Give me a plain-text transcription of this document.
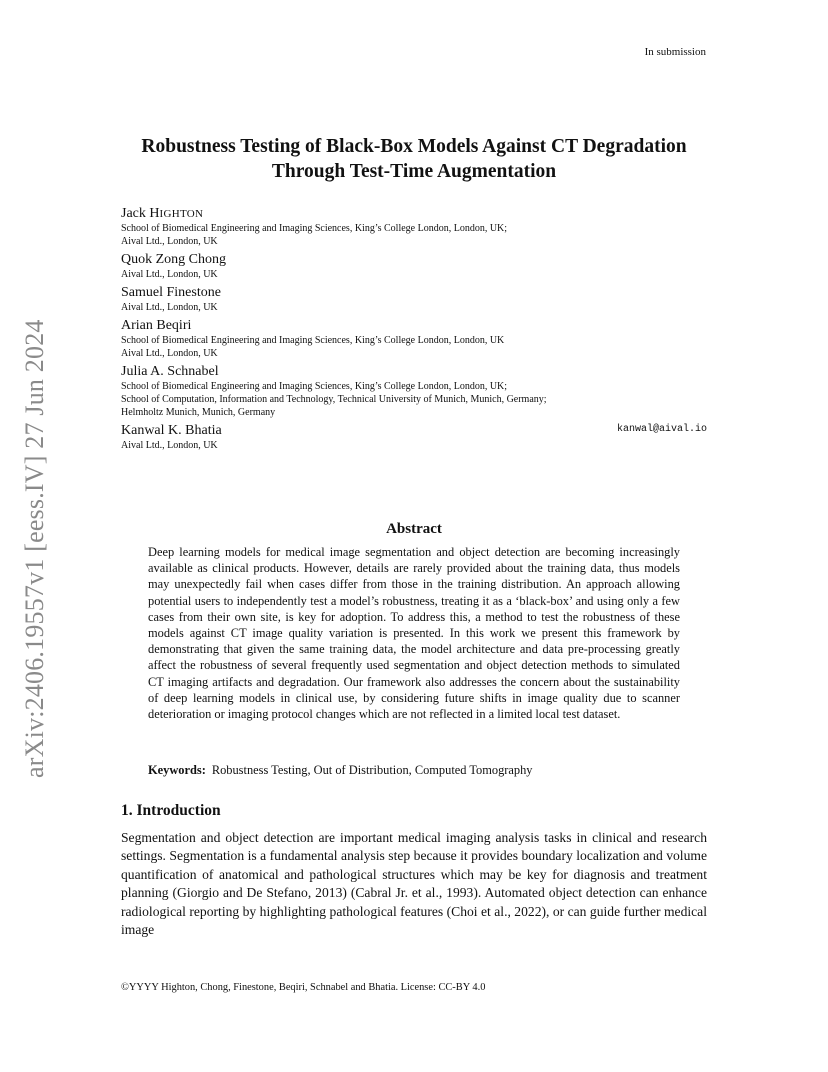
arXiv:2406.19557v1 [eess.IV] 27 Jun 2024
In submission
Robustness Testing of Black-Box Models Against CT Degradation Through Test-Time Augmentation
Jack HIGHTON
School of Biomedical Engineering and Imaging Sciences, King’s College London, London, UK;
Aival Ltd., London, UK
Quok Zong Chong
Aival Ltd., London, UK
Samuel Finestone
Aival Ltd., London, UK
Arian Beqiri
School of Biomedical Engineering and Imaging Sciences, King’s College London, London, UK
Aival Ltd., London, UK
Julia A. Schnabel
School of Biomedical Engineering and Imaging Sciences, King’s College London, London, UK;
School of Computation, Information and Technology, Technical University of Munich, Munich, Germany;
Helmholtz Munich, Munich, Germany
Kanwal K. Bhatia	kanwal@aival.io
Aival Ltd., London, UK
Abstract
Deep learning models for medical image segmentation and object detection are becoming increasingly available as clinical products. However, details are rarely provided about the training data, thus models may unexpectedly fail when cases differ from those in the training distribution. An approach allowing potential users to independently test a model’s robustness, treating it as a ‘black-box’ and using only a few cases from their own site, is key for adoption. To address this, a method to test the robustness of these models against CT image quality variation is presented. In this work we present this framework by demonstrating that given the same training data, the model architecture and data pre-processing greatly affect the robustness of several frequently used segmentation and object detection methods to simulated CT imaging artifacts and degradation. Our framework also addresses the concern about the sustainability of deep learning models in clinical use, by considering future shifts in image quality due to scanner deterioration or imaging protocol changes which are not reflected in a limited local test dataset.
Keywords: Robustness Testing, Out of Distribution, Computed Tomography
1. Introduction
Segmentation and object detection are important medical imaging analysis tasks in clinical and research settings. Segmentation is a fundamental analysis step because it provides boundary localization and volume quantification of anatomical and pathological structures which may be key for diagnosis and treatment planning (Giorgio and De Stefano, 2013) (Cabral Jr. et al., 1993). Automated object detection can enhance radiological reporting by highlighting pathological features (Choi et al., 2022), or can guide further medical image
©YYYY Highton, Chong, Finestone, Beqiri, Schnabel and Bhatia. License: CC-BY 4.0
